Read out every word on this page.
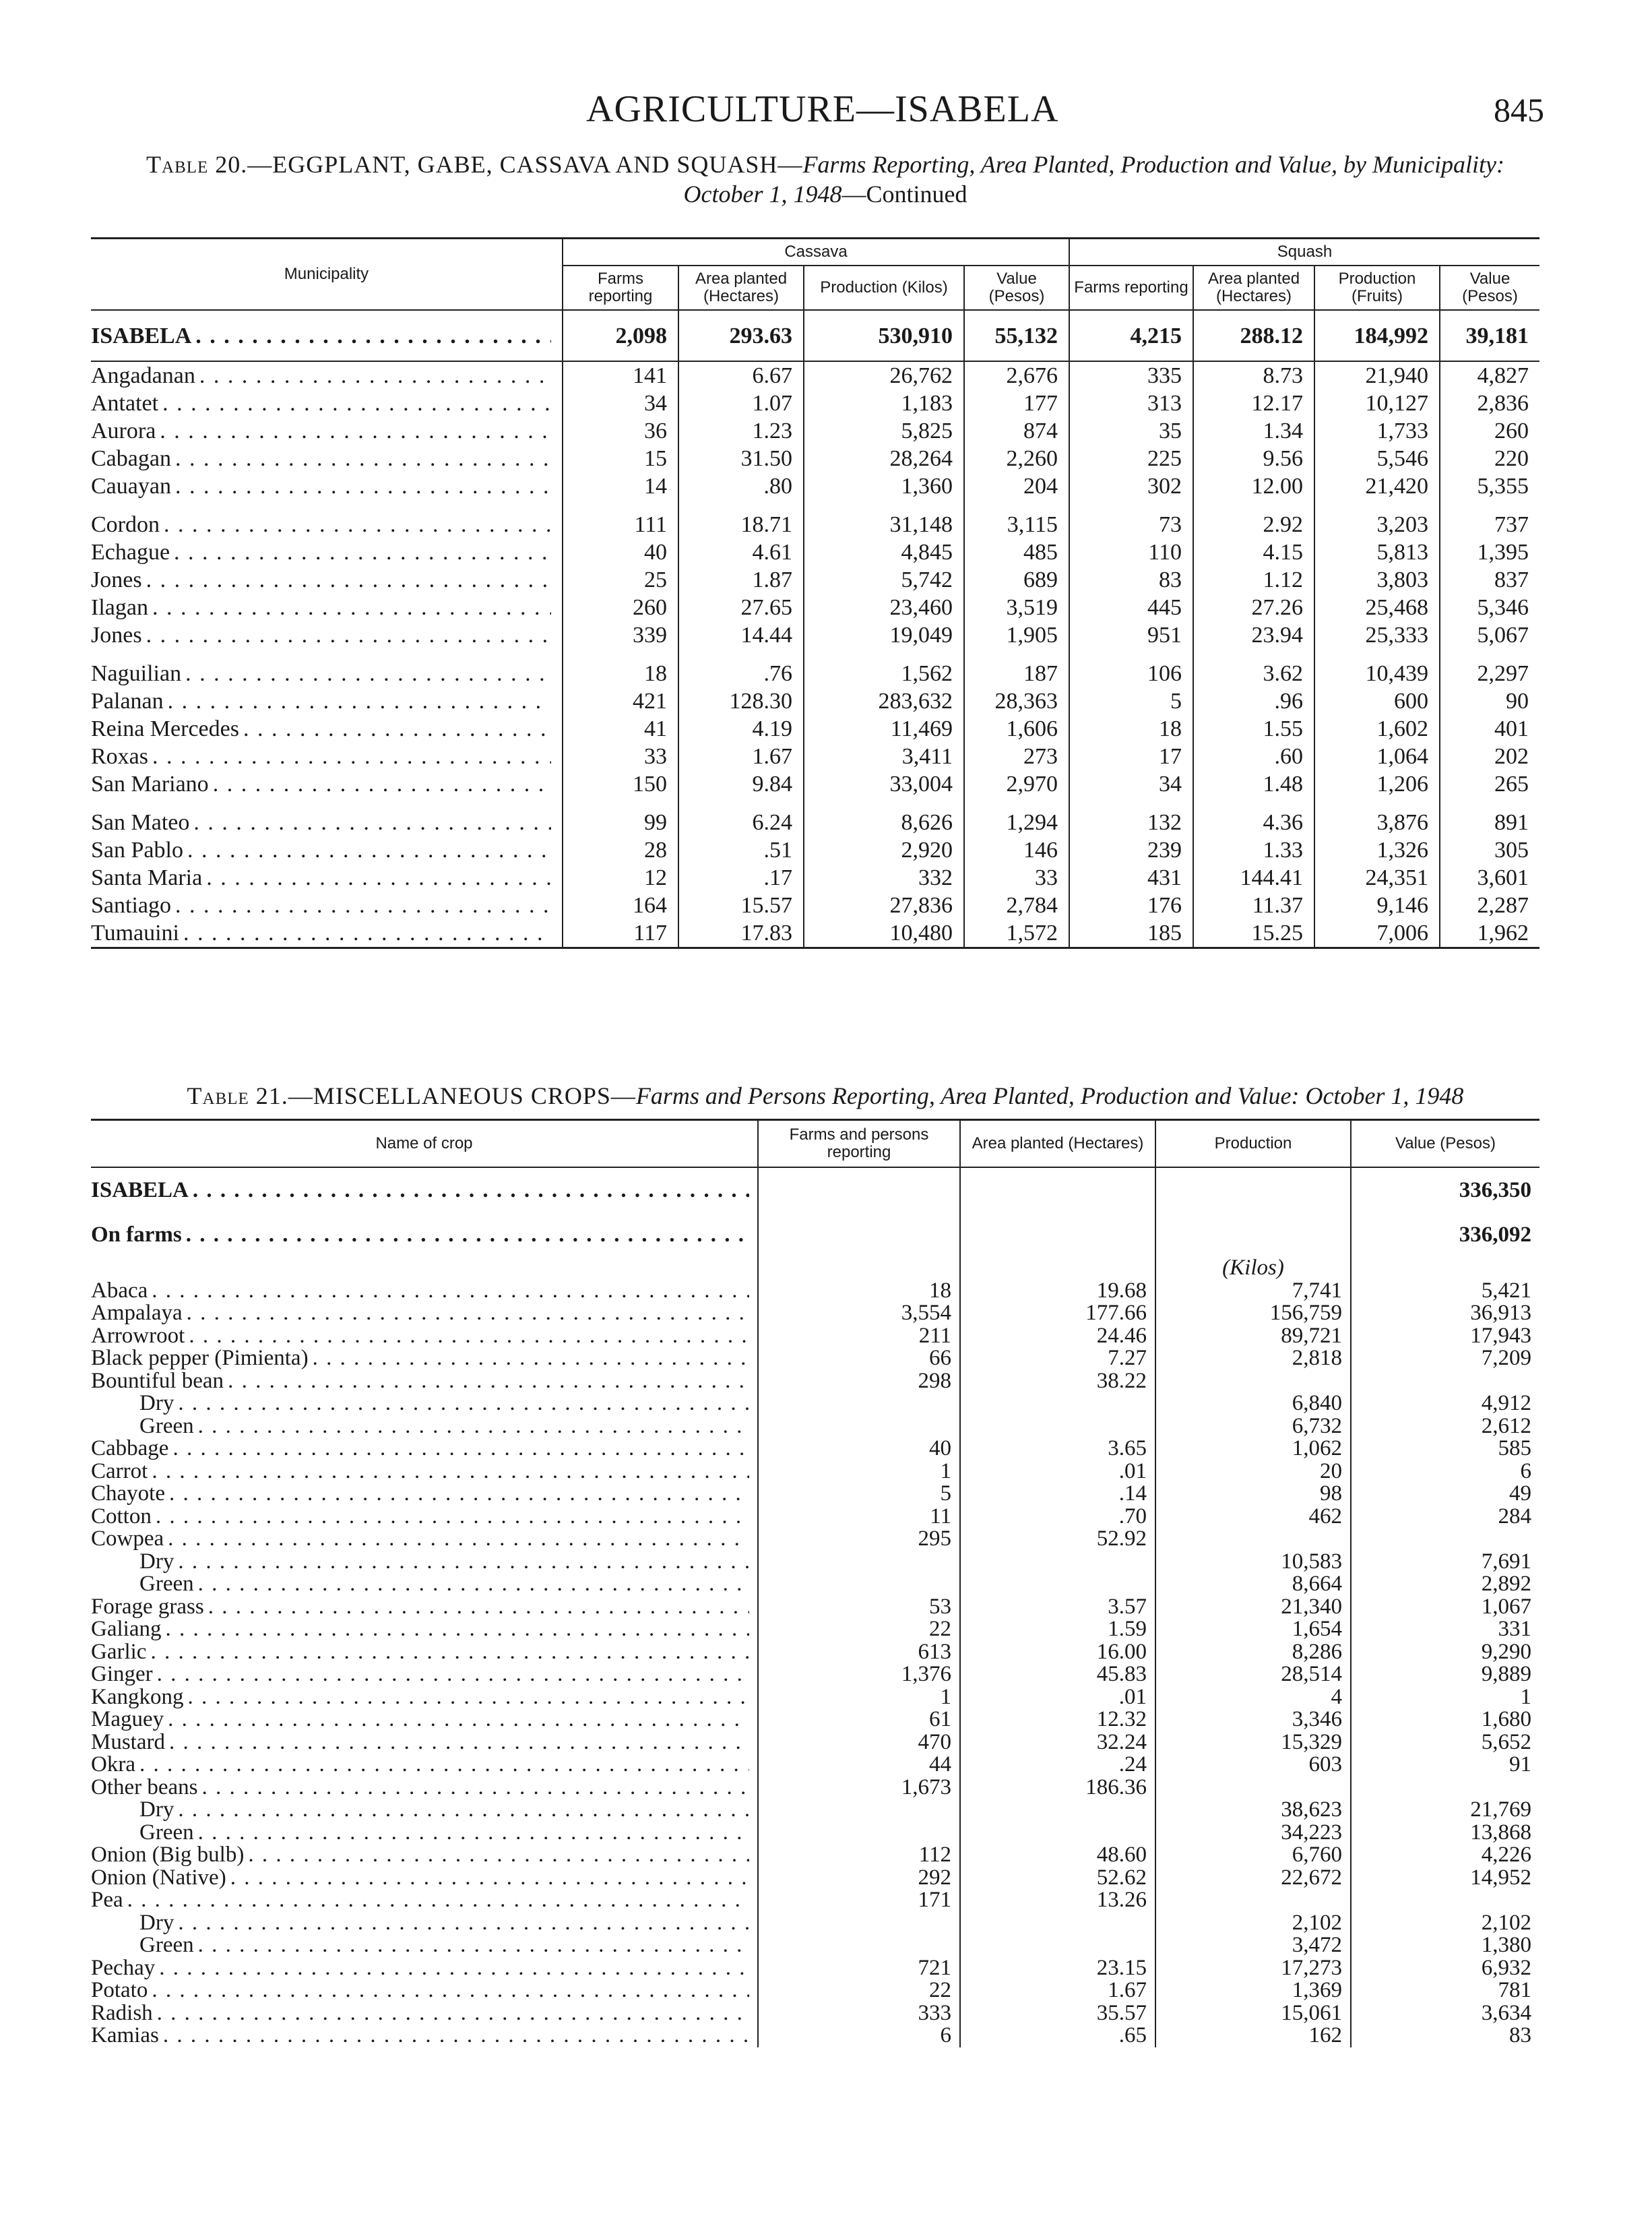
AGRICULTURE—ISABELA	845
Table 20.—EGGPLANT, GABE, CASSAVA AND SQUASH—Farms Reporting, Area Planted, Production and Value, by Municipality: October 1, 1948—Continued
Municipality	Cassava				Squash			
	Farms reporting	Area planted (Hectares)	Production (Kilos)	Value (Pesos)	Farms reporting	Area planted (Hectares)	Production (Fruits)	Value (Pesos)

ISABELA . . .	2,098	293.63	530,910	55,132	4,215	288.12	184,992	39,181

Angadanan . . .	141	6.67	26,762	2,676	335	8.73	21,940	4,827

Antatet . . .	34	1.07	1,183	177	313	12.17	10,127	2,836

Aurora . . .	36	1.23	5,825	874	35	1.34	1,733	260

Cabagan . . .	15	31.50	28,264	2,260	225	9.56	5,546	220

Cauayan . . .	14	.80	1,360	204	302	12.00	21,420	5,355

Cordon . . .	111	18.71	31,148	3,115	73	2.92	3,203	737

Echague . . .	40	4.61	4,845	485	110	4.15	5,813	1,395

Jones . . .	25	1.87	5,742	689	83	1.12	3,803	837

Ilagan . . .	260	27.65	23,460	3,519	445	27.26	25,468	5,346

Jones . . .	339	14.44	19,049	1,905	951	23.94	25,333	5,067

Naguilian . . .	18	.76	1,562	187	106	3.62	10,439	2,297

Palanan . . .	421	128.30	283,632	28,363	5	.96	600	90

Reina Mercedes . . .	41	4.19	11,469	1,606	18	1.55	1,602	401

Roxas . . .	33	1.67	3,411	273	17	.60	1,064	202

San Mariano . . .	150	9.84	33,004	2,970	34	1.48	1,206	265

San Mateo . . .	99	6.24	8,626	1,294	132	4.36	3,876	891

San Pablo . . .	28	.51	2,920	146	239	1.33	1,326	305

Santa Maria . . .	12	.17	332	33	431	144.41	24,351	3,601

Santiago . . .	164	15.57	27,836	2,784	176	11.37	9,146	2,287

Tumauini . . .	117	17.83	10,480	1,572	185	15.25	7,006	1,962
Table 21.—MISCELLANEOUS CROPS—Farms and Persons Reporting, Area Planted, Production and Value: October 1, 1948
Name of crop	Farms and persons reporting	Area planted (Hectares)	Production	Value (Pesos)

ISABELA . . .				336,350

On farms . . .				336,092
			(Kilos)	

Abaca . . .	18	19.68	7,741	5,421

Ampalaya . . .	3,554	177.66	156,759	36,913

Arrowroot . . .	211	24.46	89,721	17,943

Black pepper (Pimienta) . . .	66	7.27	2,818	7,209

Bountiful bean . . .	298	38.22		

Dry . . .			6,840	4,912

Green . . .			6,732	2,612

Cabbage . . .	40	3.65	1,062	585

Carrot . . .	1	.01	20	6

Chayote . . .	5	.14	98	49

Cotton . . .	11	.70	462	284

Cowpea . . .	295	52.92		

Dry . . .			10,583	7,691

Green . . .			8,664	2,892

Forage grass . . .	53	3.57	21,340	1,067

Galiang . . .	22	1.59	1,654	331

Garlic . . .	613	16.00	8,286	9,290

Ginger . . .	1,376	45.83	28,514	9,889

Kangkong . . .	1	.01	4	1

Maguey . . .	61	12.32	3,346	1,680

Mustard . . .	470	32.24	15,329	5,652

Okra . . .	44	.24	603	91

Other beans . . .	1,673	186.36		

Dry . . .			38,623	21,769

Green . . .			34,223	13,868

Onion (Big bulb) . . .	112	48.60	6,760	4,226

Onion (Native) . . .	292	52.62	22,672	14,952

Pea . . .	171	13.26		

Dry . . .			2,102	2,102

Green . . .			3,472	1,380

Pechay . . .	721	23.15	17,273	6,932

Potato . . .	22	1.67	1,369	781

Radish . . .	333	35.57	15,061	3,634

Kamias . . .	6	.65	162	83
